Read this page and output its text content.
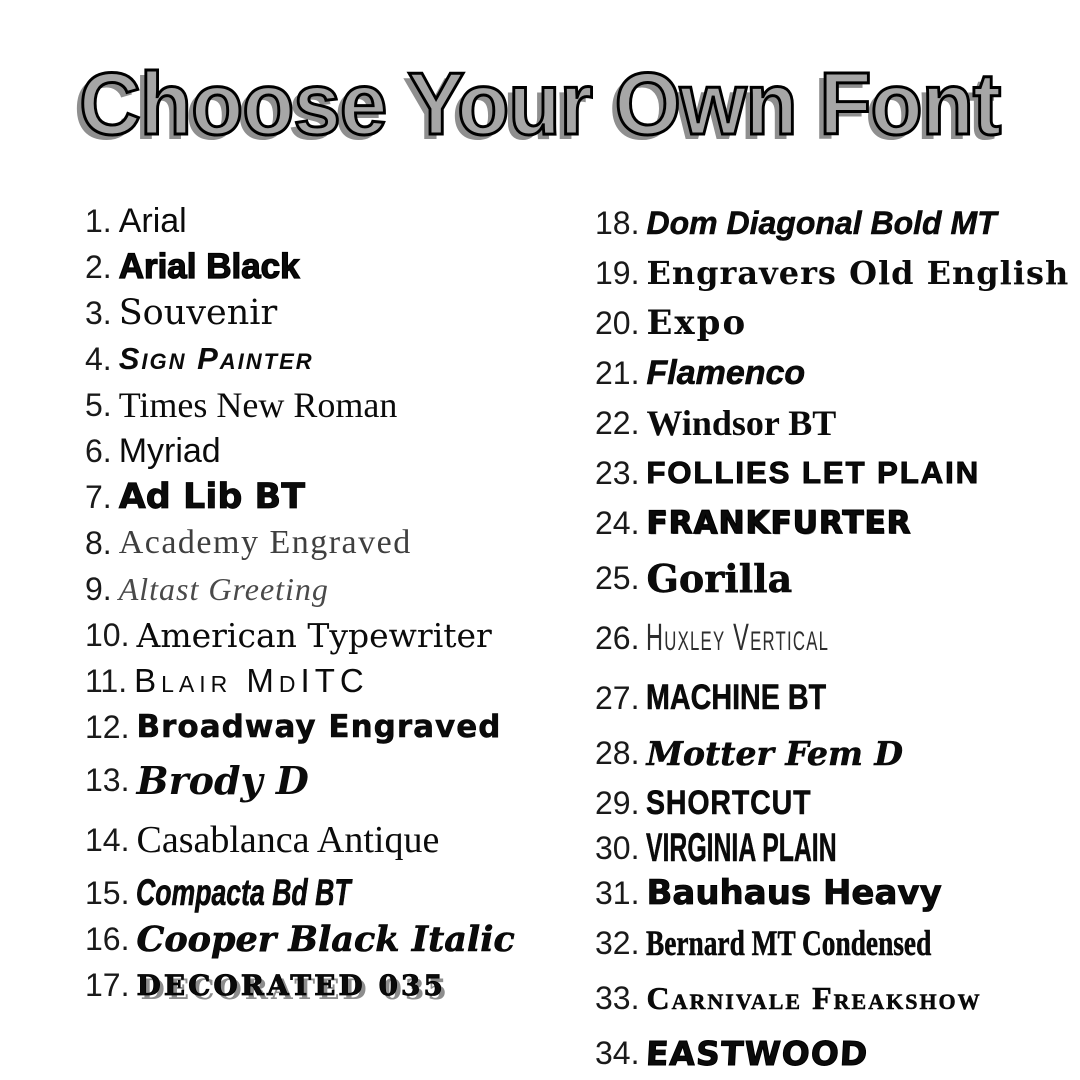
Choose Your Own Font
1. Arial
2. Arial Black
3. Souvenir
4. Sign Painter
5. Times New Roman
6. Myriad
7. Ad Lib BT
8. Academy Engraved
9. Altast Greeting
10. American Typewriter
11. Blair MdITC
12. Broadway Engraved
13. Brody D
14. Casablanca Antique
15. Compacta Bd BT
16. Cooper Black Italic
17. DECORATED 035
18. Dom Diagonal Bold MT
19. Engravers Old English
20. Expo
21. Flamenco
22. Windsor BT
23. FOLLIES LET PLAIN
24. FRANKFURTER
25. Gorilla
26. Huxley Vertical
27. MACHINE BT
28. Motter Fem D
29. SHORTCUT
30. VIRGINIA PLAIN
31. Bauhaus Heavy
32. Bernard MT Condensed
33. Carnivale Freakshow
34. EASTWOOD
